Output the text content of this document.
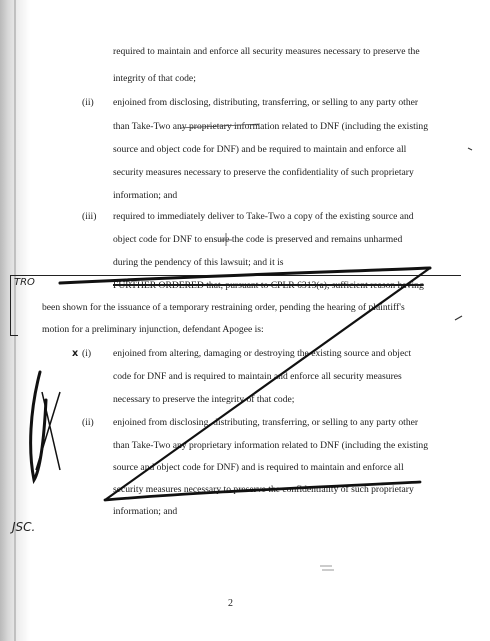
required to maintain and enforce all security measures necessary to preserve the
integrity of that code;
(ii) enjoined from disclosing, distributing, transferring, or selling to any party other
than Take-Two any proprietary information related to DNF (including the existing
source and object code for DNF) and be required to maintain and enforce all
security measures necessary to preserve the confidentiality of such proprietary
information; and
(iii) required to immediately deliver to Take-Two a copy of the existing source and
object code for DNF to ensure the code is preserved and remains unharmed
during the pendency of this lawsuit; and it is
TRO	FURTHER ORDERED that, pursuant to CPLR 6313(a), sufficient reason having
been shown for the issuance of a temporary restraining order, pending the hearing of plaintiff's
motion for a preliminary injunction, defendant Apogee is:
x (i) enjoined from altering, damaging or destroying the existing source and object
code for DNF and is required to maintain and enforce all security measures
necessary to preserve the integrity of that code;
(ii) enjoined from disclosing, distributing, transferring, or selling to any party other
than Take-Two any proprietary information related to DNF (including the existing
source and object code for DNF) and is required to maintain and enforce all
security measures necessary to preserve the confidentiality of such proprietary
information; and
JSC.
2
